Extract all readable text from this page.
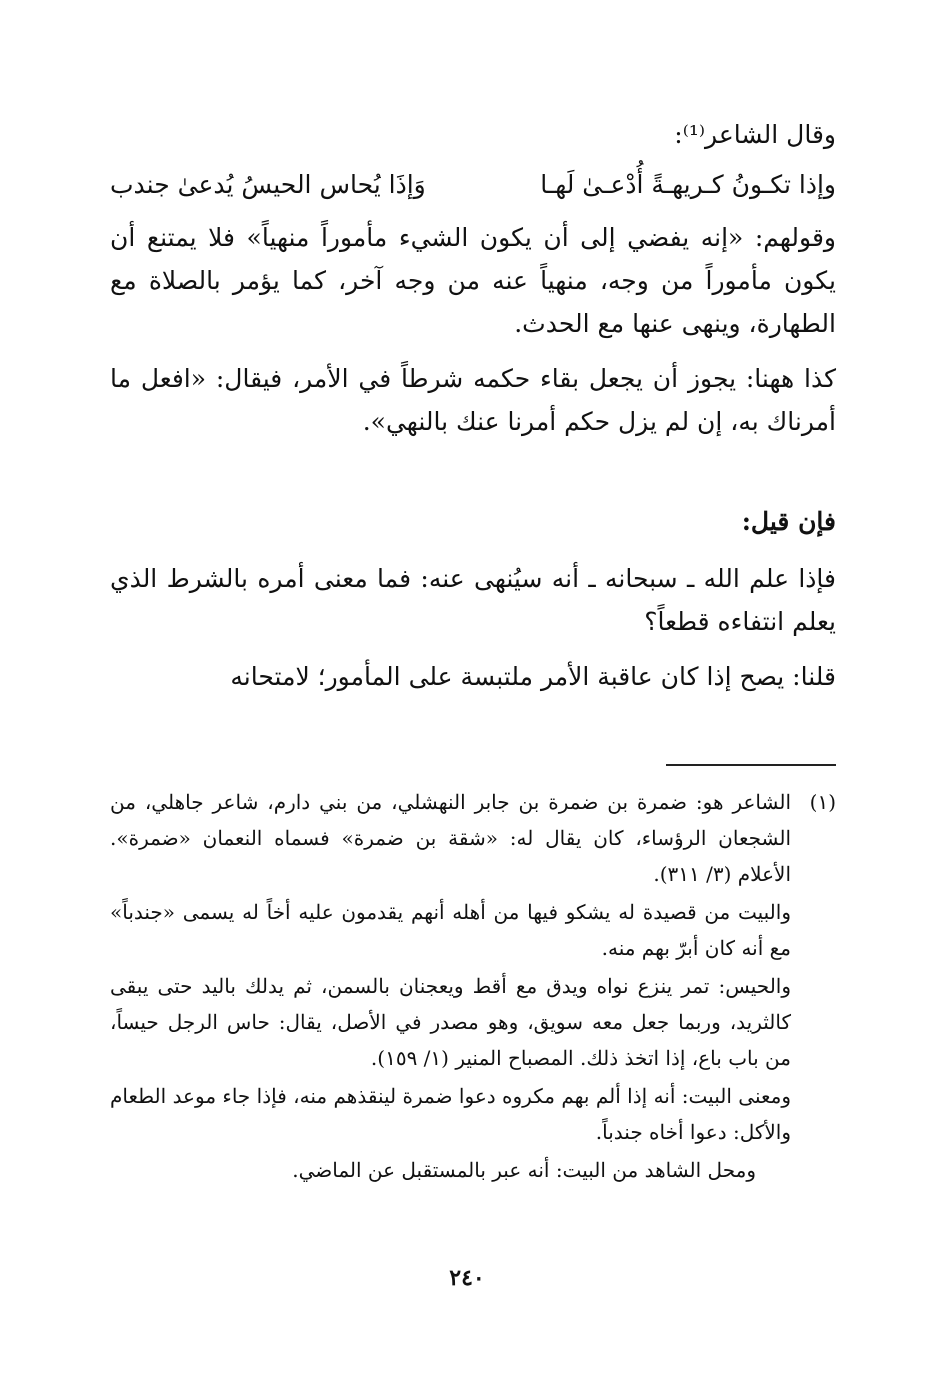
وقال الشاعر⁽¹⁾:

وإذا تكـونُ كـريهـةً أُدْعـىٰ لَهـا
وَإذَا يُحاس الحيسُ يُدعىٰ جندب

وقولهم: «إنه يفضي إلى أن يكون الشيء مأموراً منهياً» فلا يمتنع أن يكون مأموراً من وجه، منهياً عنه من وجه آخر، كما يؤمر بالصلاة مع الطهارة، وينهى عنها مع الحدث.

كذا ههنا: يجوز أن يجعل بقاء حكمه شرطاً في الأمر، فيقال: «افعل ما أمرناك به، إن لم يزل حكم أمرنا عنك بالنهي».

فإن قيل:

فإذا علم الله ـ سبحانه ـ أنه سيُنهى عنه: فما معنى أمره بالشرط الذي يعلم انتفاءه قطعاً؟

قلنا: يصح إذا كان عاقبة الأمر ملتبسة على المأمور؛ لامتحانه

(١)
الشاعر هو: ضمرة بن ضمرة بن جابر النهشلي، من بني دارم، شاعر جاهلي، من الشجعان الرؤساء، كان يقال له: «شقة بن ضمرة» فسماه النعمان «ضمرة». الأعلام (٣/ ٣١١).

والبيت من قصيدة له يشكو فيها من أهله أنهم يقدمون عليه أخاً له يسمى «جندباً» مع أنه كان أبرّ بهم منه.

والحيس: تمر ينزع نواه ويدق مع أقط ويعجنان بالسمن، ثم يدلك باليد حتى يبقى كالثريد، وربما جعل معه سويق، وهو مصدر في الأصل، يقال: حاس الرجل حيساً، من باب باع، إذا اتخذ ذلك. المصباح المنير (١/ ١٥٩).

ومعنى البيت: أنه إذا ألم بهم مكروه دعوا ضمرة لينقذهم منه، فإذا جاء موعد الطعام والأكل: دعوا أخاه جندباً.

ومحل الشاهد من البيت: أنه عبر بالمستقبل عن الماضي.

٢٤٠
